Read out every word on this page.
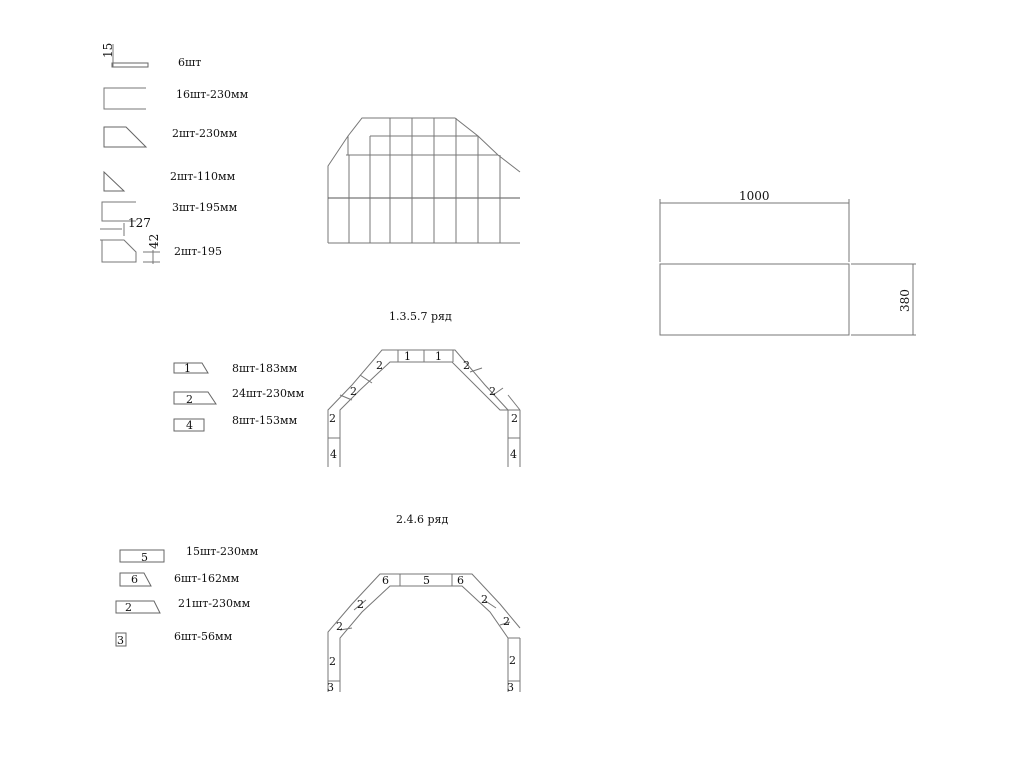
15
6шт
16шт-230мм
2шт-230мм
2шт-110мм
3шт-195мм
127
42
2шт-195
1.3.5.7 ряд
1	8шт-183мм
2	24шт-230мм
4	8шт-153мм
1 1
2
2
2
4
2
2
2
4
2.4.6 ряд
5	15шт-230мм
6	6шт-162мм
2	21шт-230мм
3	6шт-56мм
6	5 6
2
2
2
3
2
2
2
3
1000
380
